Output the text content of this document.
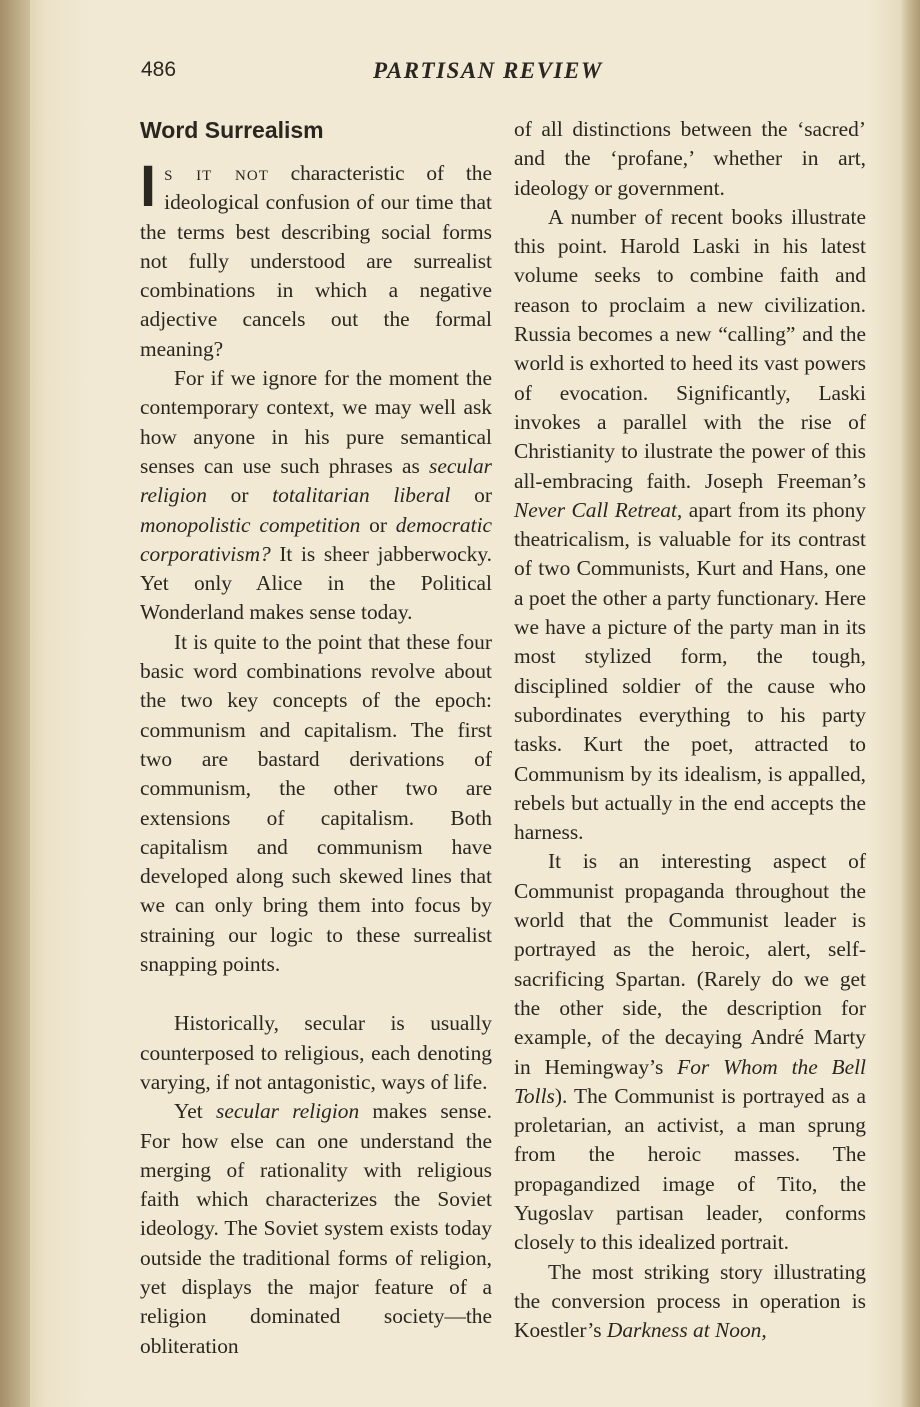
486	PARTISAN REVIEW
Word Surrealism

Is it not characteristic of the ideological confusion of our time that the terms best describing social forms not fully understood are surrealist combinations in which a negative adjective cancels out the formal meaning?

For if we ignore for the moment the contemporary context, we may well ask how anyone in his pure semantical senses can use such phrases as secular religion or totalitarian liberal or monopolistic competition or democratic corporativism? It is sheer jabberwocky. Yet only Alice in the Political Wonderland makes sense today.

It is quite to the point that these four basic word combinations revolve about the two key concepts of the epoch: communism and capitalism. The first two are bastard derivations of communism, the other two are extensions of capitalism. Both capitalism and communism have developed along such skewed lines that we can only bring them into focus by straining our logic to these surrealist snapping points.

Historically, secular is usually counterposed to religious, each denoting varying, if not antagonistic, ways of life.

Yet secular religion makes sense. For how else can one understand the merging of rationality with religious faith which characterizes the Soviet ideology. The Soviet system exists today outside the traditional forms of religion, yet displays the major feature of a religion dominated society—the obliteration

of all distinctions between the ‘sacred’ and the ‘profane,’ whether in art, ideology or government.

A number of recent books illustrate this point. Harold Laski in his latest volume seeks to combine faith and reason to proclaim a new civilization. Russia becomes a new “calling” and the world is exhorted to heed its vast powers of evocation. Significantly, Laski invokes a parallel with the rise of Christianity to ilustrate the power of this all-embracing faith. Joseph Freeman’s Never Call Retreat, apart from its phony theatricalism, is valuable for its contrast of two Communists, Kurt and Hans, one a poet the other a party functionary. Here we have a picture of the party man in its most stylized form, the tough, disciplined soldier of the cause who subordinates everything to his party tasks. Kurt the poet, attracted to Communism by its idealism, is appalled, rebels but actually in the end accepts the harness.

It is an interesting aspect of Communist propaganda throughout the world that the Communist leader is portrayed as the heroic, alert, self-sacrificing Spartan. (Rarely do we get the other side, the description for example, of the decaying André Marty in Hemingway’s For Whom the Bell Tolls). The Communist is portrayed as a proletarian, an activist, a man sprung from the heroic masses. The propagandized image of Tito, the Yugoslav partisan leader, conforms closely to this idealized portrait.

The most striking story illustrating the conversion process in operation is Koestler’s Darkness at Noon,
